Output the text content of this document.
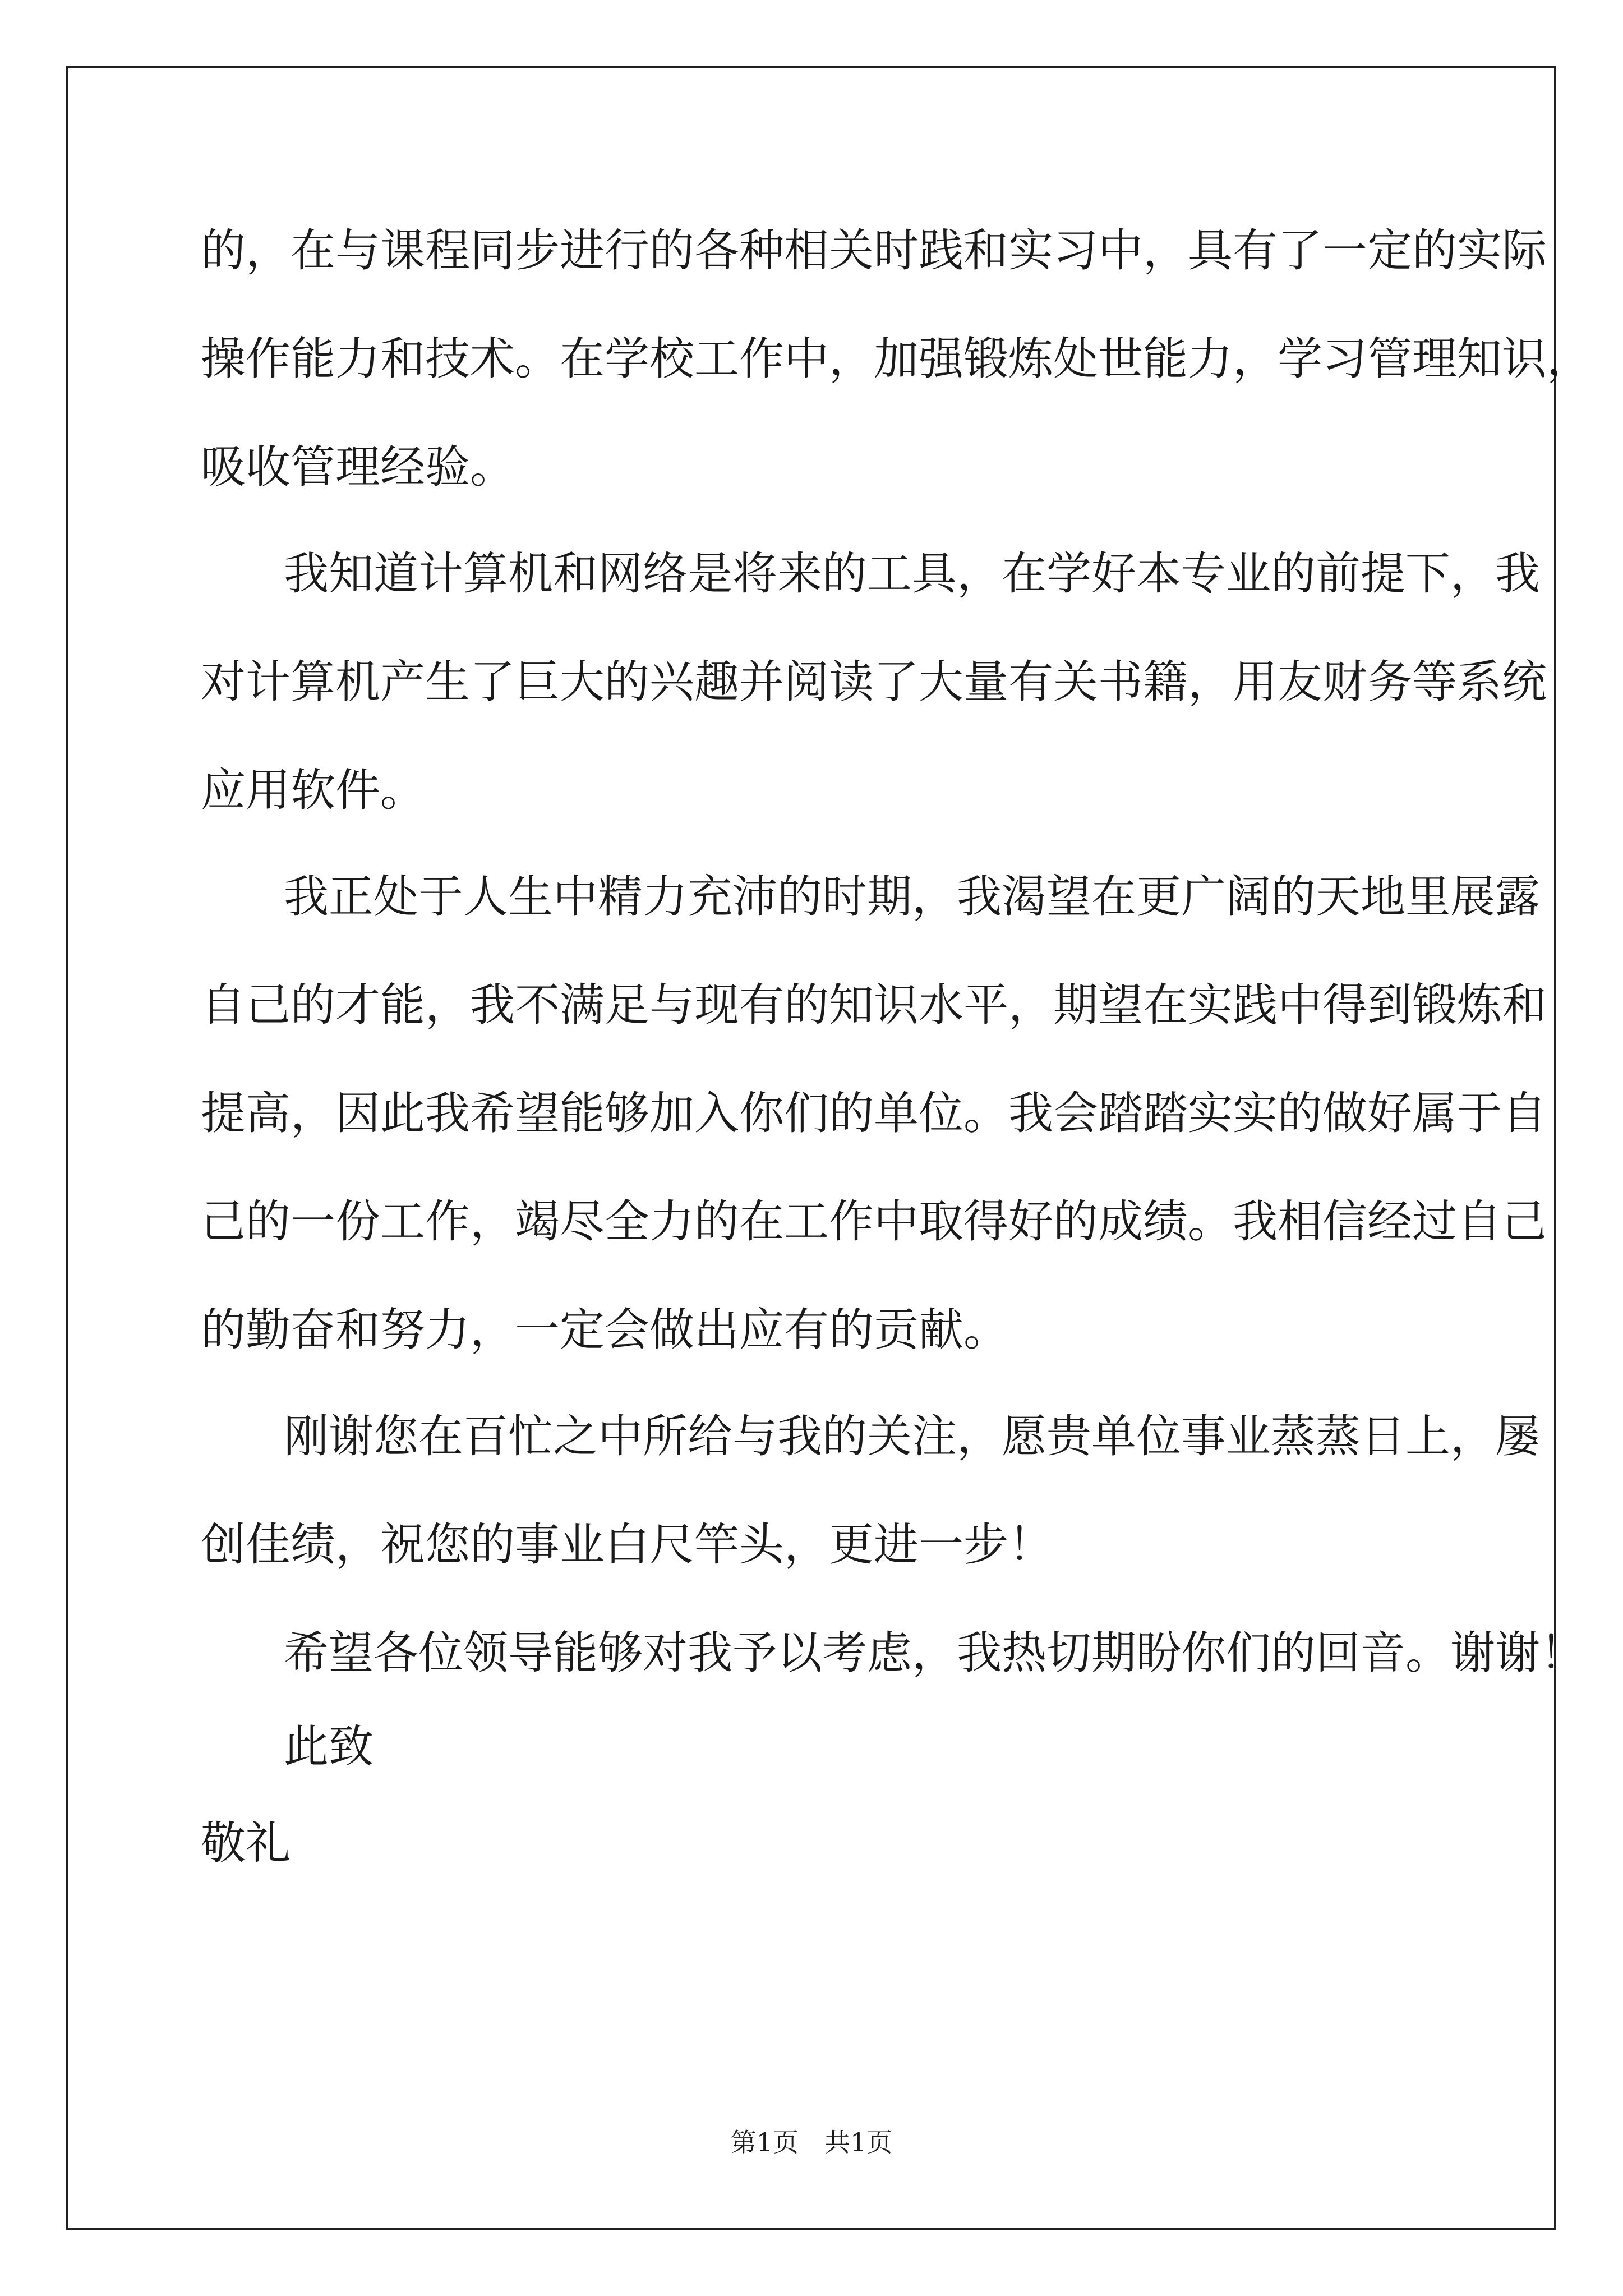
的，在与课程同步进行的各种相关时践和实习中，具有了一定的实际
操作能力和技术。在学校工作中，加强锻炼处世能力，学习管理知识，
吸收管理经验。
我知道计算机和网络是将来的工具，在学好本专业的前提下，我
对计算机产生了巨大的兴趣并阅读了大量有关书籍，用友财务等系统
应用软件。
我正处于人生中精力充沛的时期，我渴望在更广阔的天地里展露
自己的才能，我不满足与现有的知识水平，期望在实践中得到锻炼和
提高，因此我希望能够加入你们的单位。我会踏踏实实的做好属于自
己的一份工作，竭尽全力的在工作中取得好的成绩。我相信经过自己
的勤奋和努力，一定会做出应有的贡献。
刚谢您在百忙之中所给与我的关注，愿贵单位事业蒸蒸日上，屡
创佳绩，祝您的事业白尺竿头，更进一步！
希望各位领导能够对我予以考虑，我热切期盼你们的回音。谢谢！
此致
敬礼
第1页　共1页
